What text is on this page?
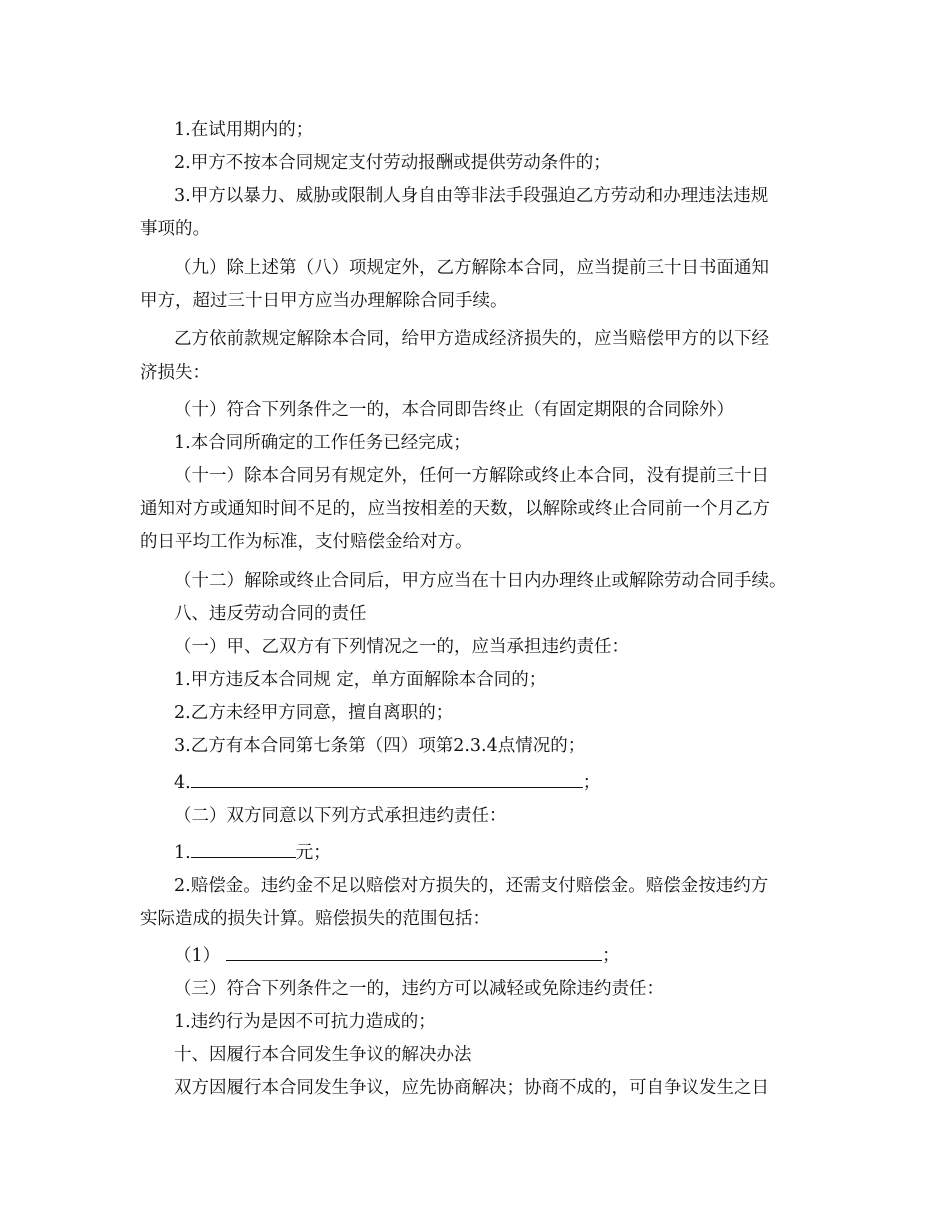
1.在试用期内的；
2.甲方不按本合同规定支付劳动报酬或提供劳动条件的；
3.甲方以暴力、威胁或限制人身自由等非法手段强迫乙方劳动和办理违法违规
事项的。
（九）除上述第（八）项规定外，乙方解除本合同，应当提前三十日书面通知
甲方，超过三十日甲方应当办理解除合同手续。
乙方依前款规定解除本合同，给甲方造成经济损失的，应当赔偿甲方的以下经
济损失：
（十）符合下列条件之一的，本合同即告终止（有固定期限的合同除外）
1.本合同所确定的工作任务已经完成；
（十一）除本合同另有规定外，任何一方解除或终止本合同，没有提前三十日
通知对方或通知时间不足的，应当按相差的天数，以解除或终止合同前一个月乙方
的日平均工作为标准，支付赔偿金给对方。
（十二）解除或终止合同后，甲方应当在十日内办理终止或解除劳动合同手续。
八、违反劳动合同的责任
（一）甲、乙双方有下列情况之一的，应当承担违约责任：
1.甲方违反本合同规 定，单方面解除本合同的；
2.乙方未经甲方同意，擅自离职的；
3.乙方有本合同第七条第（四）项第2.3.4点情况的；
4.	；
（二）双方同意以下列方式承担违约责任：
1.	元；
2.赔偿金。违约金不足以赔偿对方损失的，还需支付赔偿金。赔偿金按违约方
实际造成的损失计算。赔偿损失的范围包括：
（1）	；
（三）符合下列条件之一的，违约方可以减轻或免除违约责任：
1.违约行为是因不可抗力造成的；
十、因履行本合同发生争议的解决办法
双方因履行本合同发生争议，应先协商解决；协商不成的，可自争议发生之日
